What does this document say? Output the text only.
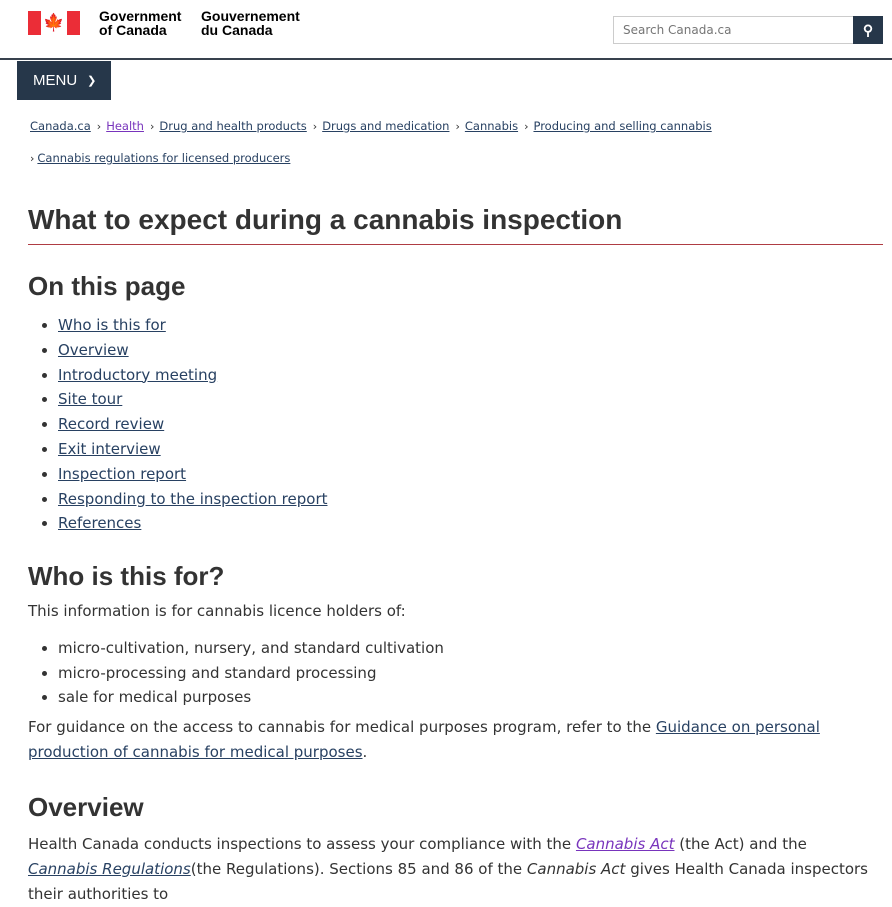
🍁 Government
of Canada
Gouvernement
du Canada
Search Canada.ca	⚲
MENU ❯
Canada.ca › Health › Drug and health products › Drugs and medication › Cannabis › Producing and selling cannabis
› Cannabis regulations for licensed producers
What to expect during a cannabis inspection
On this page
• Who is this for
• Overview
• Introductory meeting
• Site tour
• Record review
• Exit interview
• Inspection report
• Responding to the inspection report
• References
Who is this for?

This information is for cannabis licence holders of:

• micro-cultivation, nursery, and standard cultivation
• micro-processing and standard processing
• sale for medical purposes

For guidance on the access to cannabis for medical purposes program, refer to the Guidance on personal production of cannabis for medical purposes.

Overview

Health Canada conducts inspections to assess your compliance with the Cannabis Act (the Act) and the Cannabis Regulations(the Regulations). Sections 85 and 86 of the Cannabis Act gives Health Canada inspectors their authorities to
